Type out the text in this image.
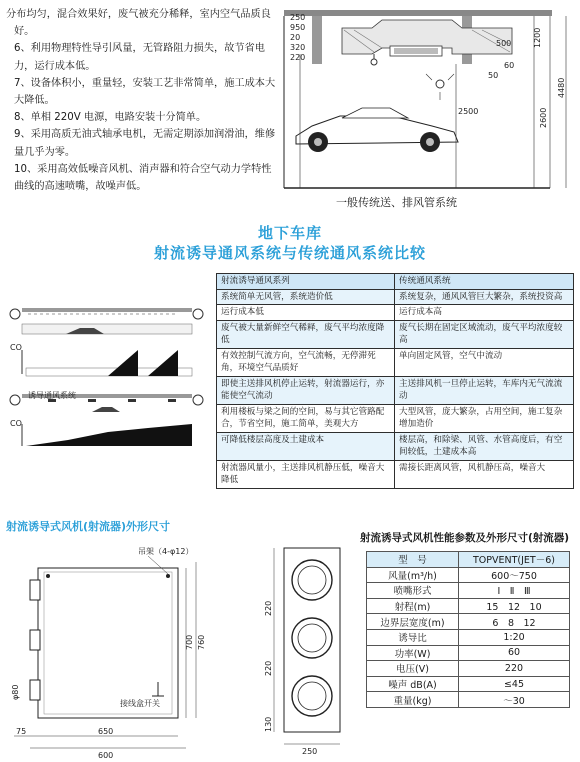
分布均匀，混合效果好，废气被充分稀释，室内空气品质良好。

6、利用物理特性导引风量，无管路阻力损失，故节省电力，运行成本低。

7、设备体积小，重量轻，安装工艺非常简单，施工成本大大降低。

8、单相 220V 电源，电路安装十分简单。

9、采用高质无油式轴承电机，无需定期添加润滑油，维修量几乎为零。

10、采用高效低噪音风机、消声器和符合空气动力学特性曲线的高速喷嘴，故噪声低。

250
950
20
320
220
500
60
50
1200
2500	2600
4480
一般传统送、排风管系统
地下车库
射流诱导通风系统与传统通风系统比较
CO
CO
诱导通风系统
射流诱导通风系列	传统通风系统
系统简单无风管，系统造价低	系统复杂，通风风管巨大繁杂，系统投资高
运行成本低	运行成本高
废气被大量新鲜空气稀释，废气平均浓度降低	废气长期在固定区域流动，废气平均浓度较高
有效控制气流方向，空气流畅，无停滞死角，环境空气品质好	单向固定风管，空气中流动
即使主送排风机停止运转，射流器运行，亦能使空气流动	主送排风机一旦停止运转，车库内无气流流动
利用楼板与梁之间的空间，易与其它管路配合，节省空间，施工简单，美观大方	大型风管，庞大繁杂，占用空间，施工复杂增加造价
可降低楼层高度及土建成本	楼层高，和除梁、风管、水管高度后，有空间较低，土建成本高
射流器风量小，主送排风机静压低，噪音大降低	需接长距离风管，风机静压高，噪音大
射流诱导式风机(射流器)外形尺寸
吊架（4-φ12）
接线盒开关
700 760
φ80
75	650
600	250
220
220
130
射流诱导式风机性能参数及外形尺寸(射流器)
型　号	TOPVENT(JET－6)
风量(m³/h)	600～750
喷嘴形式	Ⅰ　Ⅱ　Ⅲ
射程(m)	15　12　10
边界层宽度(m)	6　8　12
诱导比	1:20
功率(W)	60
电压(V)	220
噪声 dB(A)	≤45
重量(kg)	～30
